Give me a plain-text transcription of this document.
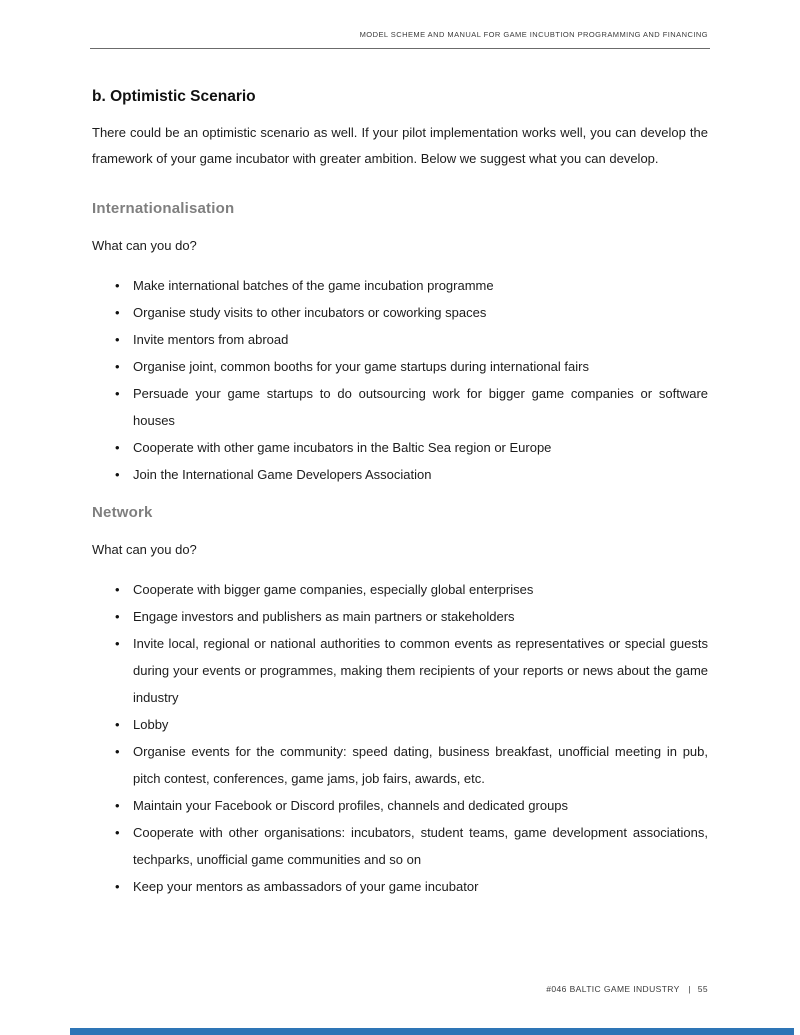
MODEL SCHEME AND MANUAL FOR GAME INCUBTION PROGRAMMING AND FINANCING
b. Optimistic Scenario

There could be an optimistic scenario as well. If your pilot implementation works well, you can develop the framework of your game incubator with greater ambition. Below we suggest what you can develop.

Internationalisation
What can you do?
• Make international batches of the game incubation programme
• Organise study visits to other incubators or coworking spaces
• Invite mentors from abroad
• Organise joint, common booths for your game startups during international fairs
• Persuade your game startups to do outsourcing work for bigger game companies or software houses
• Cooperate with other game incubators in the Baltic Sea region or Europe
• Join the International Game Developers Association
Network
What can you do?
• Cooperate with bigger game companies, especially global enterprises
• Engage investors and publishers as main partners or stakeholders
• Invite local, regional or national authorities to common events as representatives or special guests during your events or programmes, making them recipients of your reports or news about the game industry
• Lobby
• Organise events for the community: speed dating, business breakfast, unofficial meeting in pub, pitch contest, conferences, game jams, job fairs, awards, etc.
• Maintain your Facebook or Discord profiles, channels and dedicated groups
• Cooperate with other organisations: incubators, student teams, game development associations, techparks, unofficial game communities and so on
• Keep your mentors as ambassadors of your game incubator
#046 BALTIC GAME INDUSTRY | 55
